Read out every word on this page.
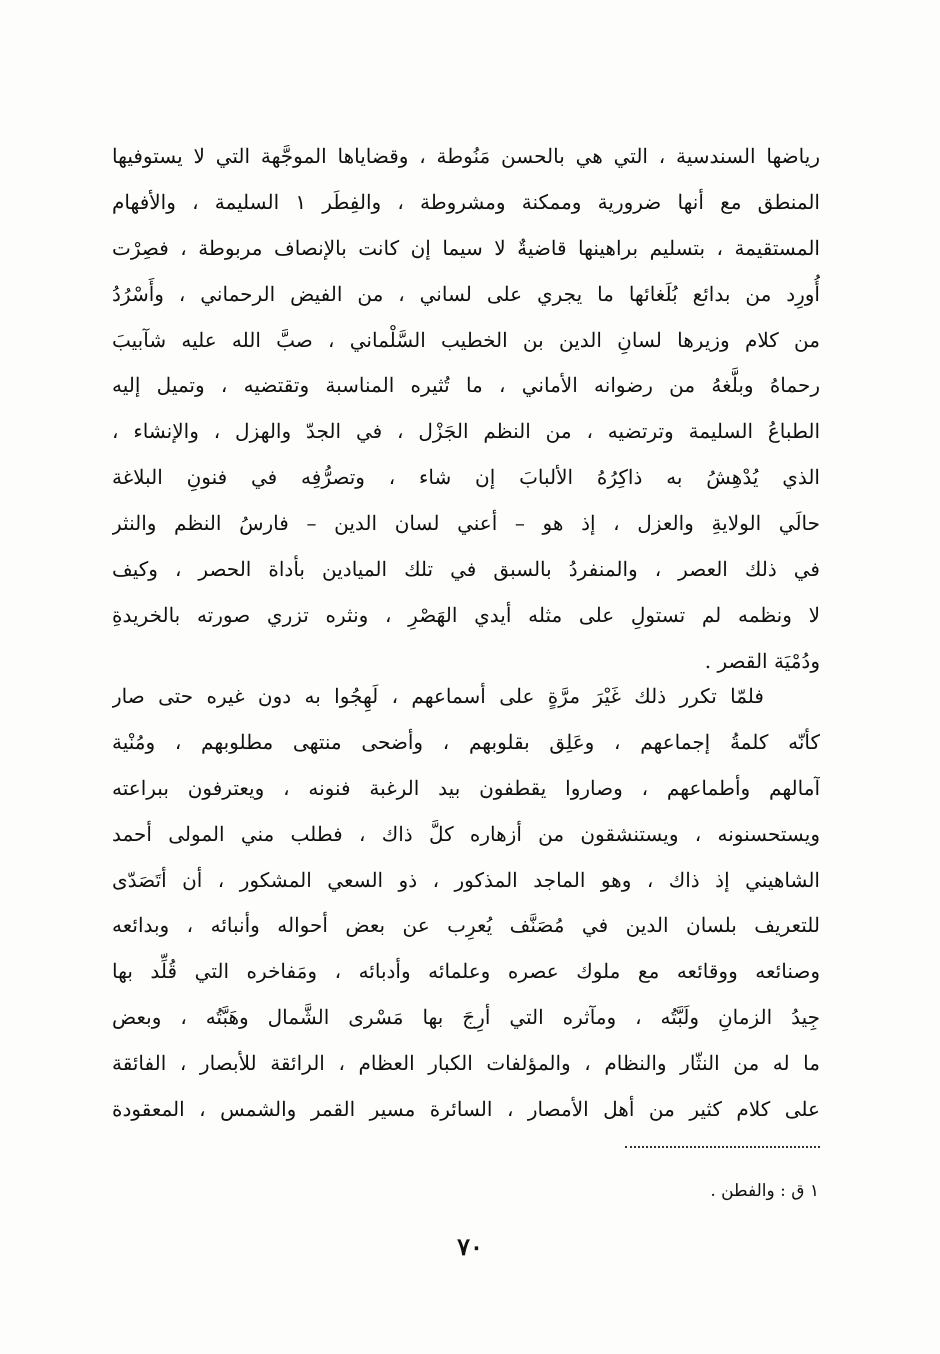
رياضها السندسية ، التي هي بالحسن مَنُوطة ، وقضاياها الموجَّهة التي لا يستوفيها
المنطق مع أنها ضرورية وممكنة ومشروطة ، والفِطَر ١ السليمة ، والأفهام
المستقيمة ، بتسليم براهينها قاضيةٌ لا سيما إن كانت بالإنصاف مربوطة ، فصِرْت
أُورِد من بدائع بُلَغائها ما يجري على لساني ، من الفيض الرحماني ، وأَسْرُدُ
من كلام وزيرها لسانِ الدين بن الخطيب السَّلْماني ، صبَّ الله عليه شآبيبَ
رحماهُ وبلَّغهُ من رضوانه الأماني ، ما تُثيره المناسبة وتقتضيه ، وتميل إليه
الطباعُ السليمة وترتضيه ، من النظم الجَزْل ، في الجدّ والهزل ، والإنشاء ،
الذي يُدْهِشُ به ذاكِرُهُ الألبابَ إن شاء ، وتصرُّفِه في فنونِ البلاغة
حالَي الولايةِ والعزل ، إذ هو – أعني لسان الدين – فارسُ النظم والنثر
في ذلك العصر ، والمنفردُ بالسبق في تلك الميادين بأداة الحصر ، وكيف
لا ونظمه لم تستولِ على مثله أيدي الهَصْرِ ، ونثره تزري صورته بالخريدةِ
ودُمْيَة القصر .
فلمّا تكرر ذلك غَيْرَ مرَّةٍ على أسماعهم ، لَهِجُوا به دون غيره حتى صار
كأنّه كلمةُ إجماعهم ، وعَلِق بقلوبهم ، وأضحى منتهى مطلوبهم ، ومُنْية
آمالهم وأطماعهم ، وصاروا يقطفون بيد الرغبة فنونه ، ويعترفون ببراعته
ويستحسنونه ، ويستنشقون من أزهاره كلَّ ذاك ، فطلب مني المولى أحمد
الشاهيني إذ ذاك ، وهو الماجد المذكور ، ذو السعي المشكور ، أن أتَصَدّى
للتعريف بلسان الدين في مُصَنَّف يُعرِب عن بعض أحواله وأنبائه ، وبدائعه
وصنائعه ووقائعه مع ملوك عصره وعلمائه وأدبائه ، ومَفاخره التي قُلِّد بها
جِيدُ الزمانِ ولَبَّتُه ، ومآثره التي أرِجَ بها مَسْرى الشَّمال وهَبَّتُه ، وبعض
ما له من النثّار والنظام ، والمؤلفات الكبار العظام ، الرائقة للأبصار ، الفائقة
على كلام كثير من أهل الأمصار ، السائرة مسير القمر والشمس ، المعقودة
١ ق : والفطن .
٧٠
